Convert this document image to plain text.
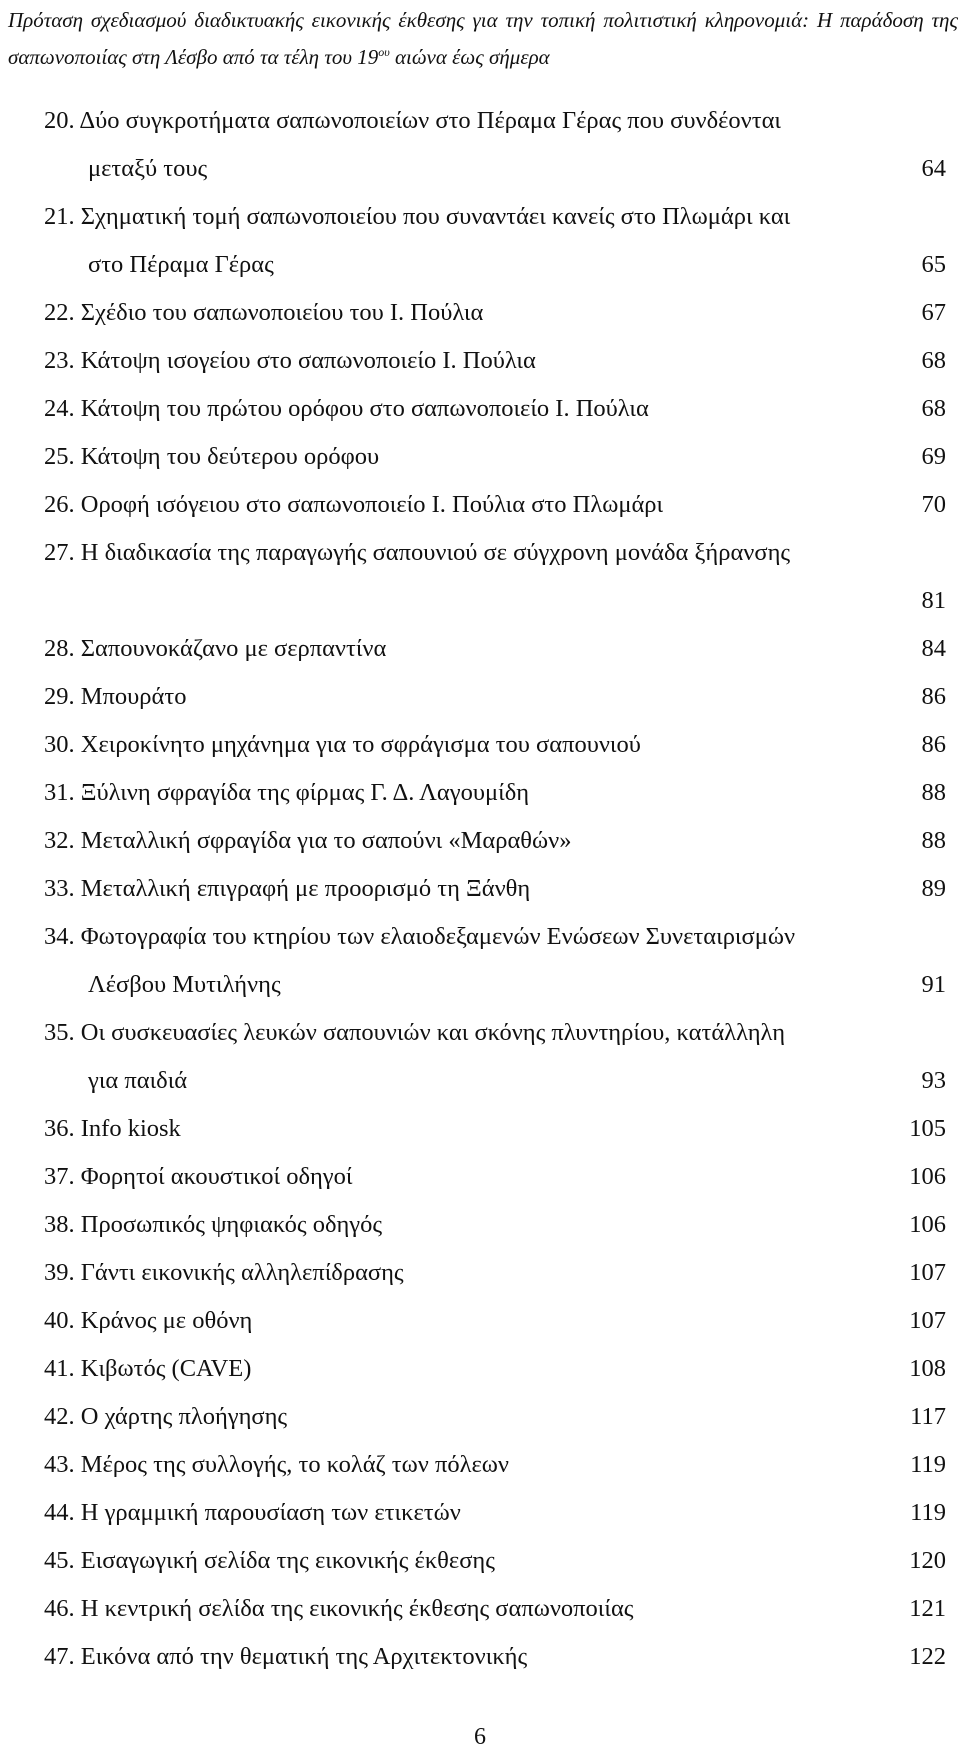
Πρόταση σχεδιασμού διαδικτυακής εικονικής έκθεσης για την τοπική πολιτιστική κληρονομιά: Η παράδοση της σαπωνοποιίας στη Λέσβο από τα τέλη του $19^{o\upsilon}$ αιώνα έως σήμερα
20. Δύο συγκροτήματα σαπωνοποιείων στο Πέραμα Γέρας που συνδέονται
μεταξύ τους	64
21. Σχηματική τομή σαπωνοποιείου που συναντάει κανείς στο Πλωμάρι και
στο Πέραμα Γέρας	65
22. Σχέδιο του σαπωνοποιείου του Ι. Πούλια	67
23. Κάτοψη ισογείου στο σαπωνοποιείο Ι. Πούλια	68
24. Κάτοψη του πρώτου ορόφου στο σαπωνοποιείο Ι. Πούλια	68
25. Κάτοψη του δεύτερου ορόφου	69
26. Οροφή ισόγειου στο σαπωνοποιείο Ι. Πούλια στο Πλωμάρι	70
27. Η διαδικασία της παραγωγής σαπουνιού σε σύγχρονη μονάδα ξήρανσης
81
28. Σαπουνοκάζανο με σερπαντίνα	84
29. Μπουράτο	86
30. Χειροκίνητο μηχάνημα για το σφράγισμα του σαπουνιού	86
31. Ξύλινη σφραγίδα της φίρμας Γ. Δ. Λαγουμίδη	88
32. Μεταλλική σφραγίδα για το σαπούνι «Μαραθών»	88
33. Μεταλλική επιγραφή με προορισμό τη Ξάνθη	89
34. Φωτογραφία του κτηρίου των ελαιοδεξαμενών Ενώσεων Συνεταιρισμών
Λέσβου Μυτιλήνης	91
35. Οι συσκευασίες λευκών σαπουνιών και σκόνης πλυντηρίου, κατάλληλη
για παιδιά	93
36. Info kiosk	105
37. Φορητοί ακουστικοί οδηγοί	106
38. Προσωπικός ψηφιακός οδηγός	106
39. Γάντι εικονικής αλληλεπίδρασης	107
40. Κράνος με οθόνη	107
41. Κιβωτός (CAVE)	108
42. Ο χάρτης πλοήγησης	117
43. Μέρος της συλλογής, το κολάζ των πόλεων	119
44. Η γραμμική παρουσίαση των ετικετών	119
45. Εισαγωγική σελίδα της εικονικής έκθεσης	120
46. Η κεντρική σελίδα της εικονικής έκθεσης σαπωνοποιίας	121
47. Εικόνα από την θεματική της Αρχιτεκτονικής	122
6
